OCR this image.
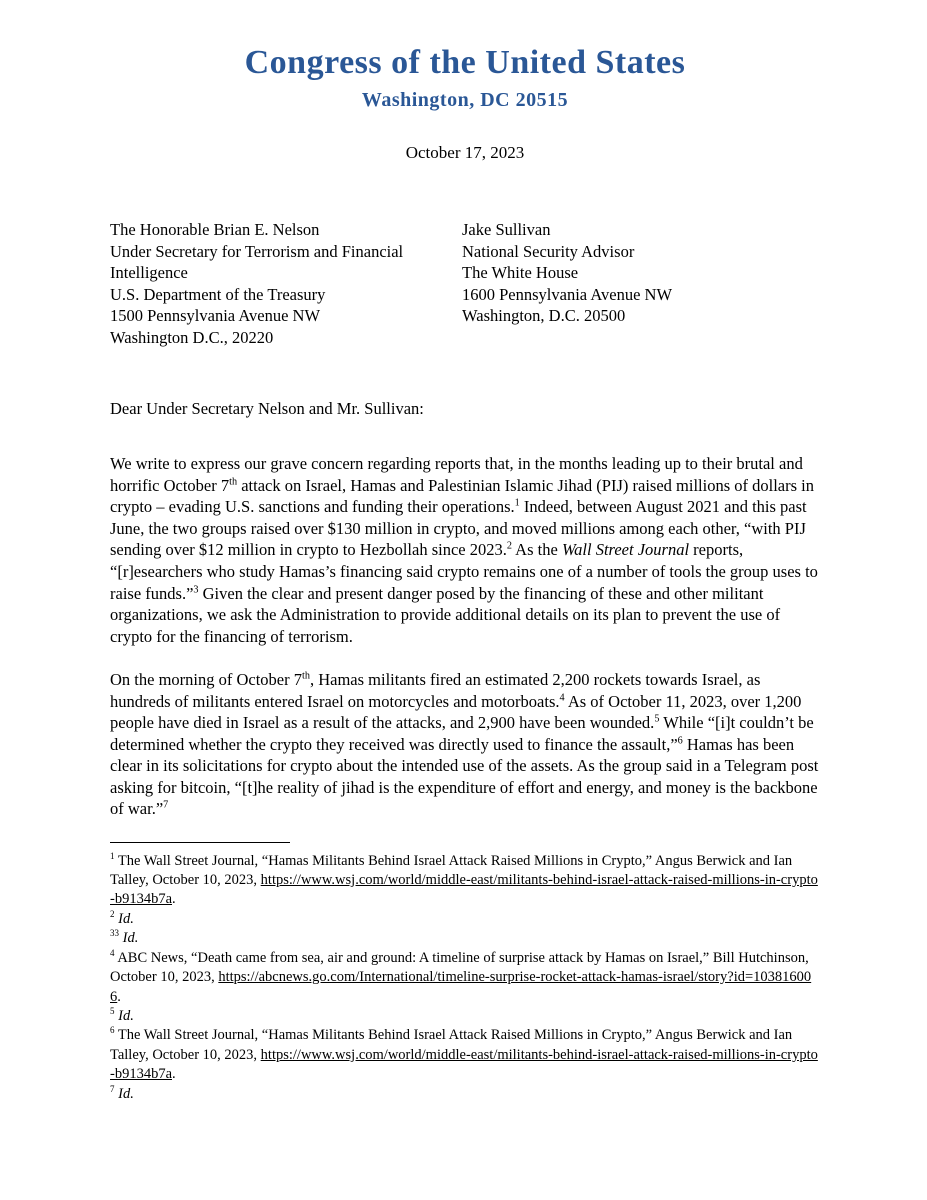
Congress of the United States
Washington, DC 20515
October 17, 2023
The Honorable Brian E. Nelson
Under Secretary for Terrorism and Financial
Intelligence
U.S. Department of the Treasury
1500 Pennsylvania Avenue NW
Washington D.C., 20220
Jake Sullivan
National Security Advisor
The White House
1600 Pennsylvania Avenue NW
Washington, D.C. 20500
Dear Under Secretary Nelson and Mr. Sullivan:

We write to express our grave concern regarding reports that, in the months leading up to their brutal and horrific October 7th attack on Israel, Hamas and Palestinian Islamic Jihad (PIJ) raised millions of dollars in crypto – evading U.S. sanctions and funding their operations.$^1$ Indeed, between August 2021 and this past June, the two groups raised over $130 million in crypto, and moved millions among each other, “with PIJ sending over $12 million in crypto to Hezbollah since 2023.$^2$ As the Wall Street Journal reports, “[r]esearchers who study Hamas’s financing said crypto remains one of a number of tools the group uses to raise funds.”$^3$ Given the clear and present danger posed by the financing of these and other militant organizations, we ask the Administration to provide additional details on its plan to prevent the use of crypto for the financing of terrorism.

On the morning of October 7th, Hamas militants fired an estimated 2,200 rockets towards Israel, as hundreds of militants entered Israel on motorcycles and motorboats.$^4$ As of October 11, 2023, over 1,200 people have died in Israel as a result of the attacks, and 2,900 have been wounded.$^5$ While “[i]t couldn’t be determined whether the crypto they received was directly used to finance the assault,”$^6$ Hamas has been clear in its solicitations for crypto about the intended use of the assets. As the group said in a Telegram post asking for bitcoin, “[t]he reality of jihad is the expenditure of effort and energy, and money is the backbone of war.”$^7$

$^1$ The Wall Street Journal, “Hamas Militants Behind Israel Attack Raised Millions in Crypto,” Angus Berwick and Ian Talley, October 10, 2023, https://www.wsj.com/world/middle-east/militants-behind-israel-attack-raised-millions-in-crypto-b9134b7a.
$^2$ Id.
$^{33}$ Id.
$^4$ ABC News, “Death came from sea, air and ground: A timeline of surprise attack by Hamas on Israel,” Bill Hutchinson, October 10, 2023, https://abcnews.go.com/International/timeline-surprise-rocket-attack-hamas-israel/story?id=103816006.
$^5$ Id.
$^6$ The Wall Street Journal, “Hamas Militants Behind Israel Attack Raised Millions in Crypto,” Angus Berwick and Ian Talley, October 10, 2023, https://www.wsj.com/world/middle-east/militants-behind-israel-attack-raised-millions-in-crypto-b9134b7a.
$^7$ Id.
